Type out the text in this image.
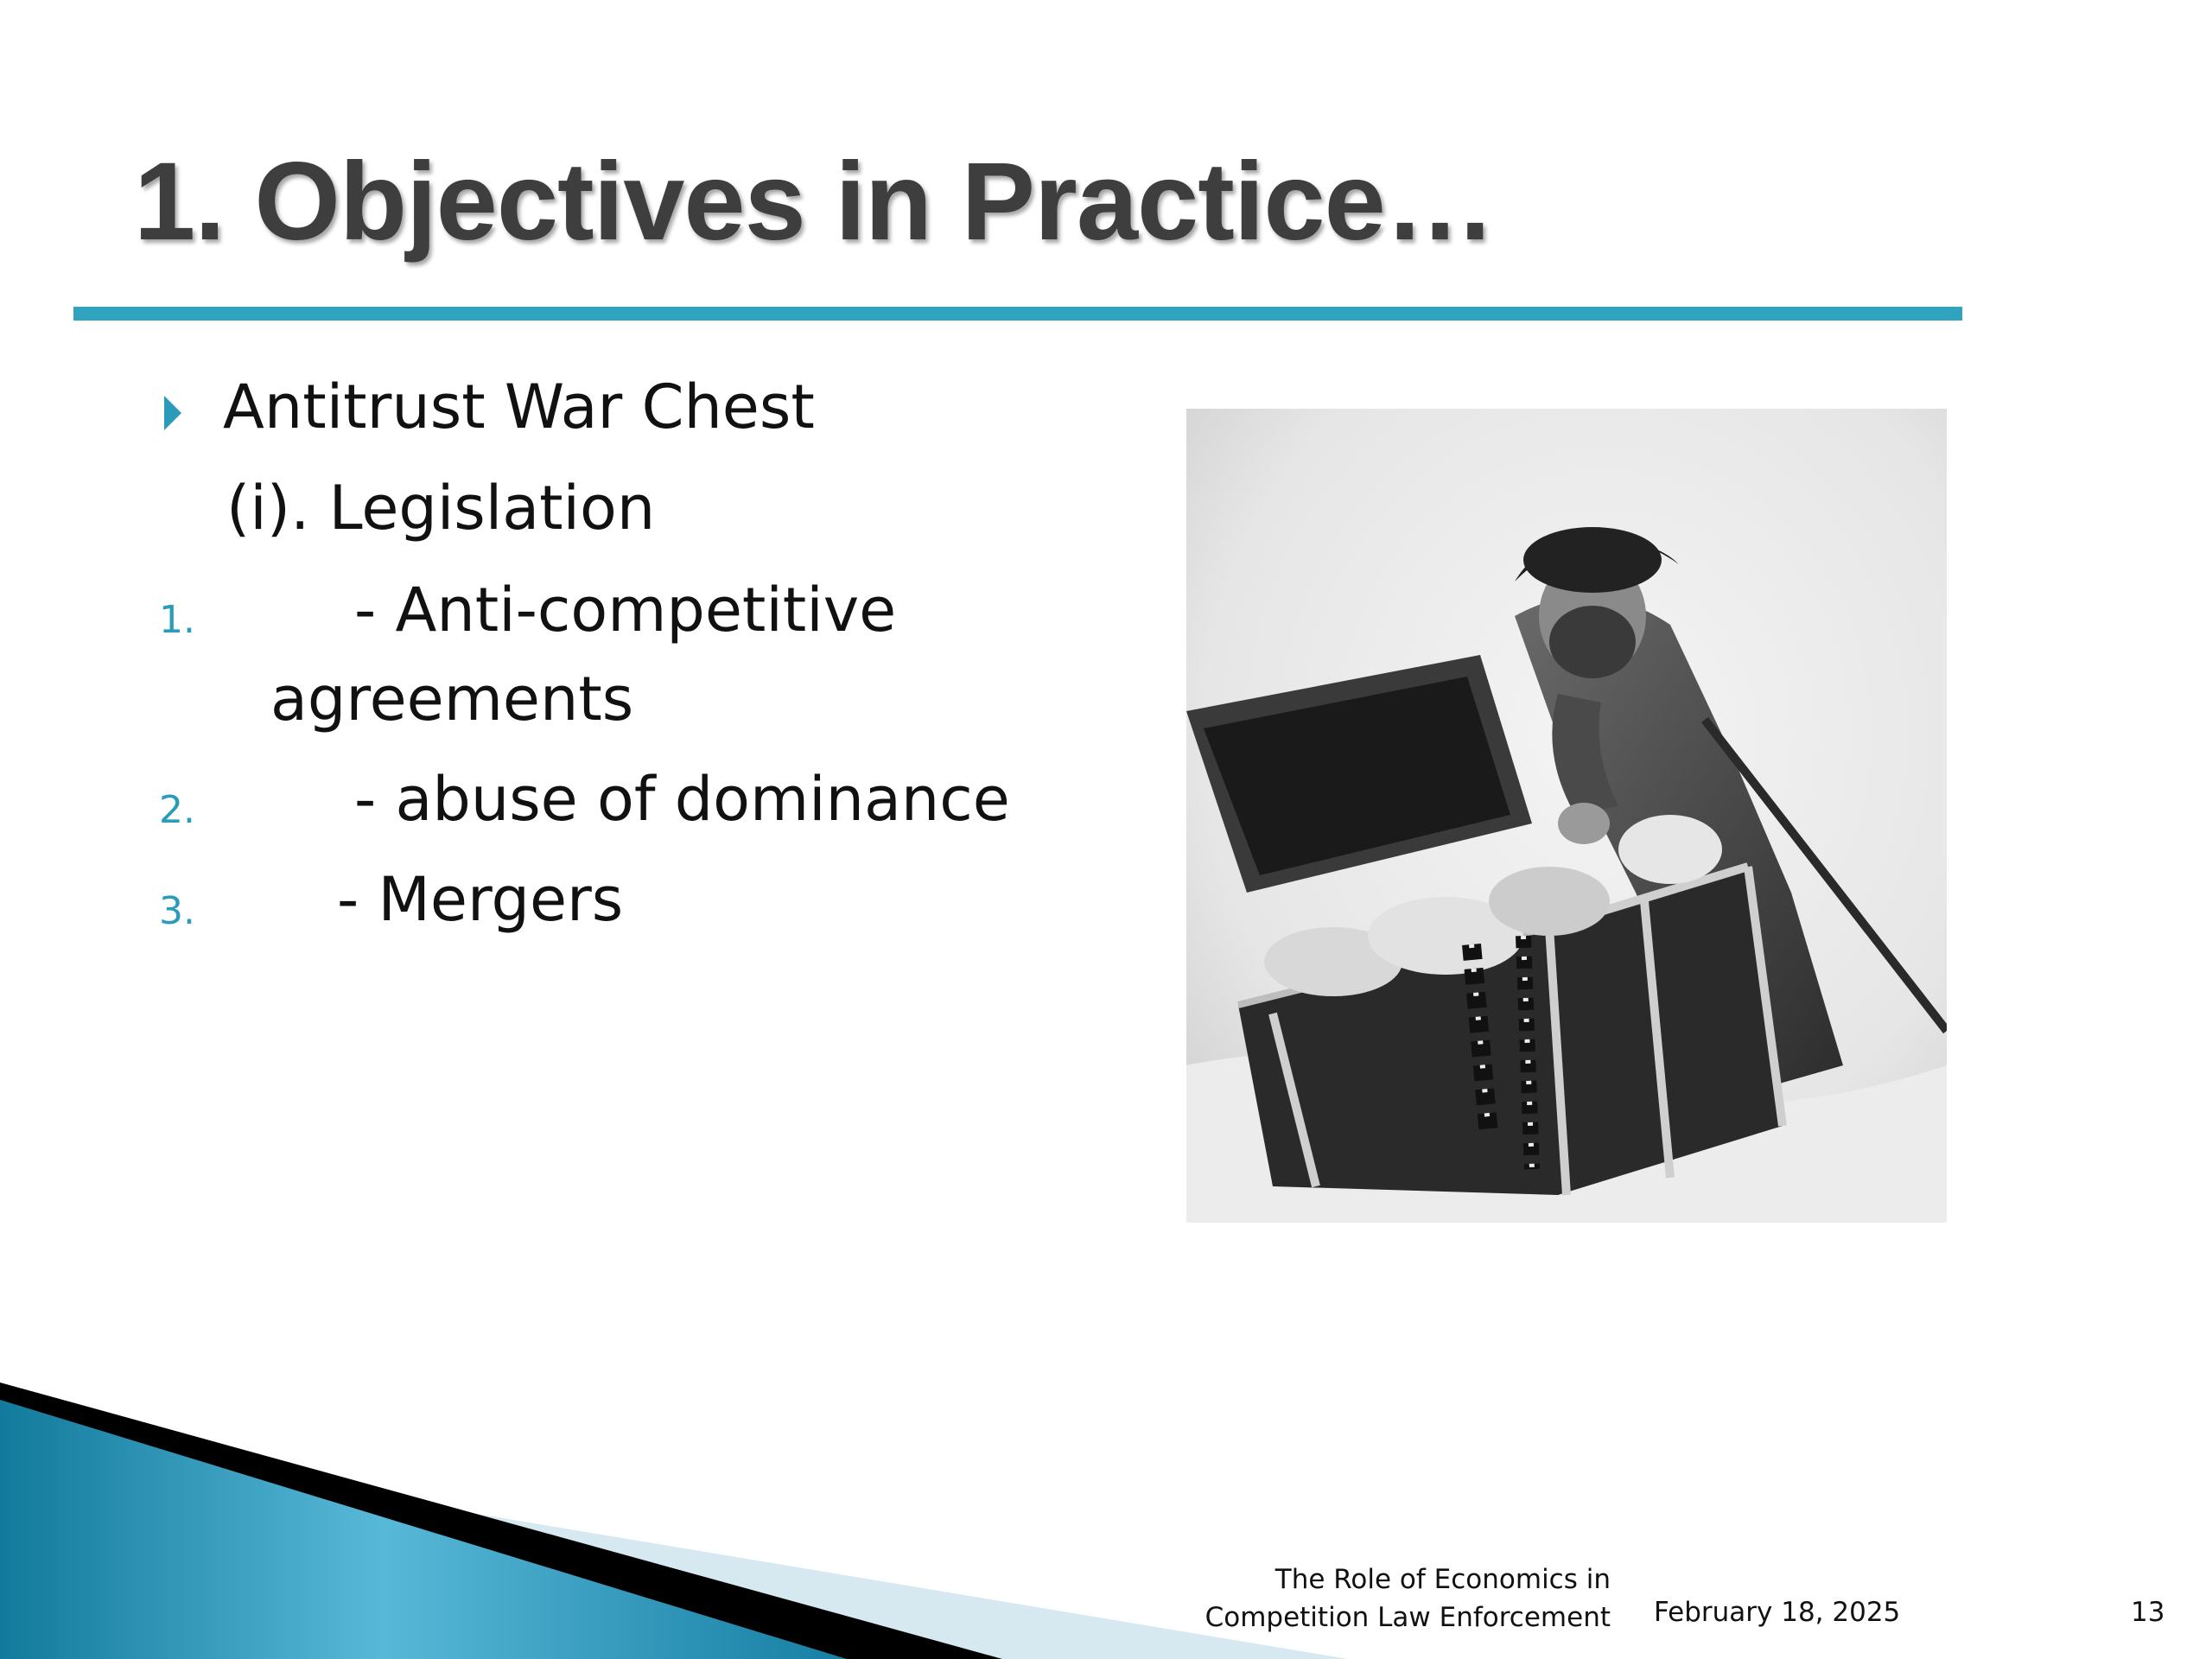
1. Objectives in Practice…
Antitrust War Chest
(i). Legislation
1.	- Anti-competitive
agreements
2.	- abuse of dominance
3. - Mergers
The Role of Economics in Competition Law Enforcement February 18, 2025	13
